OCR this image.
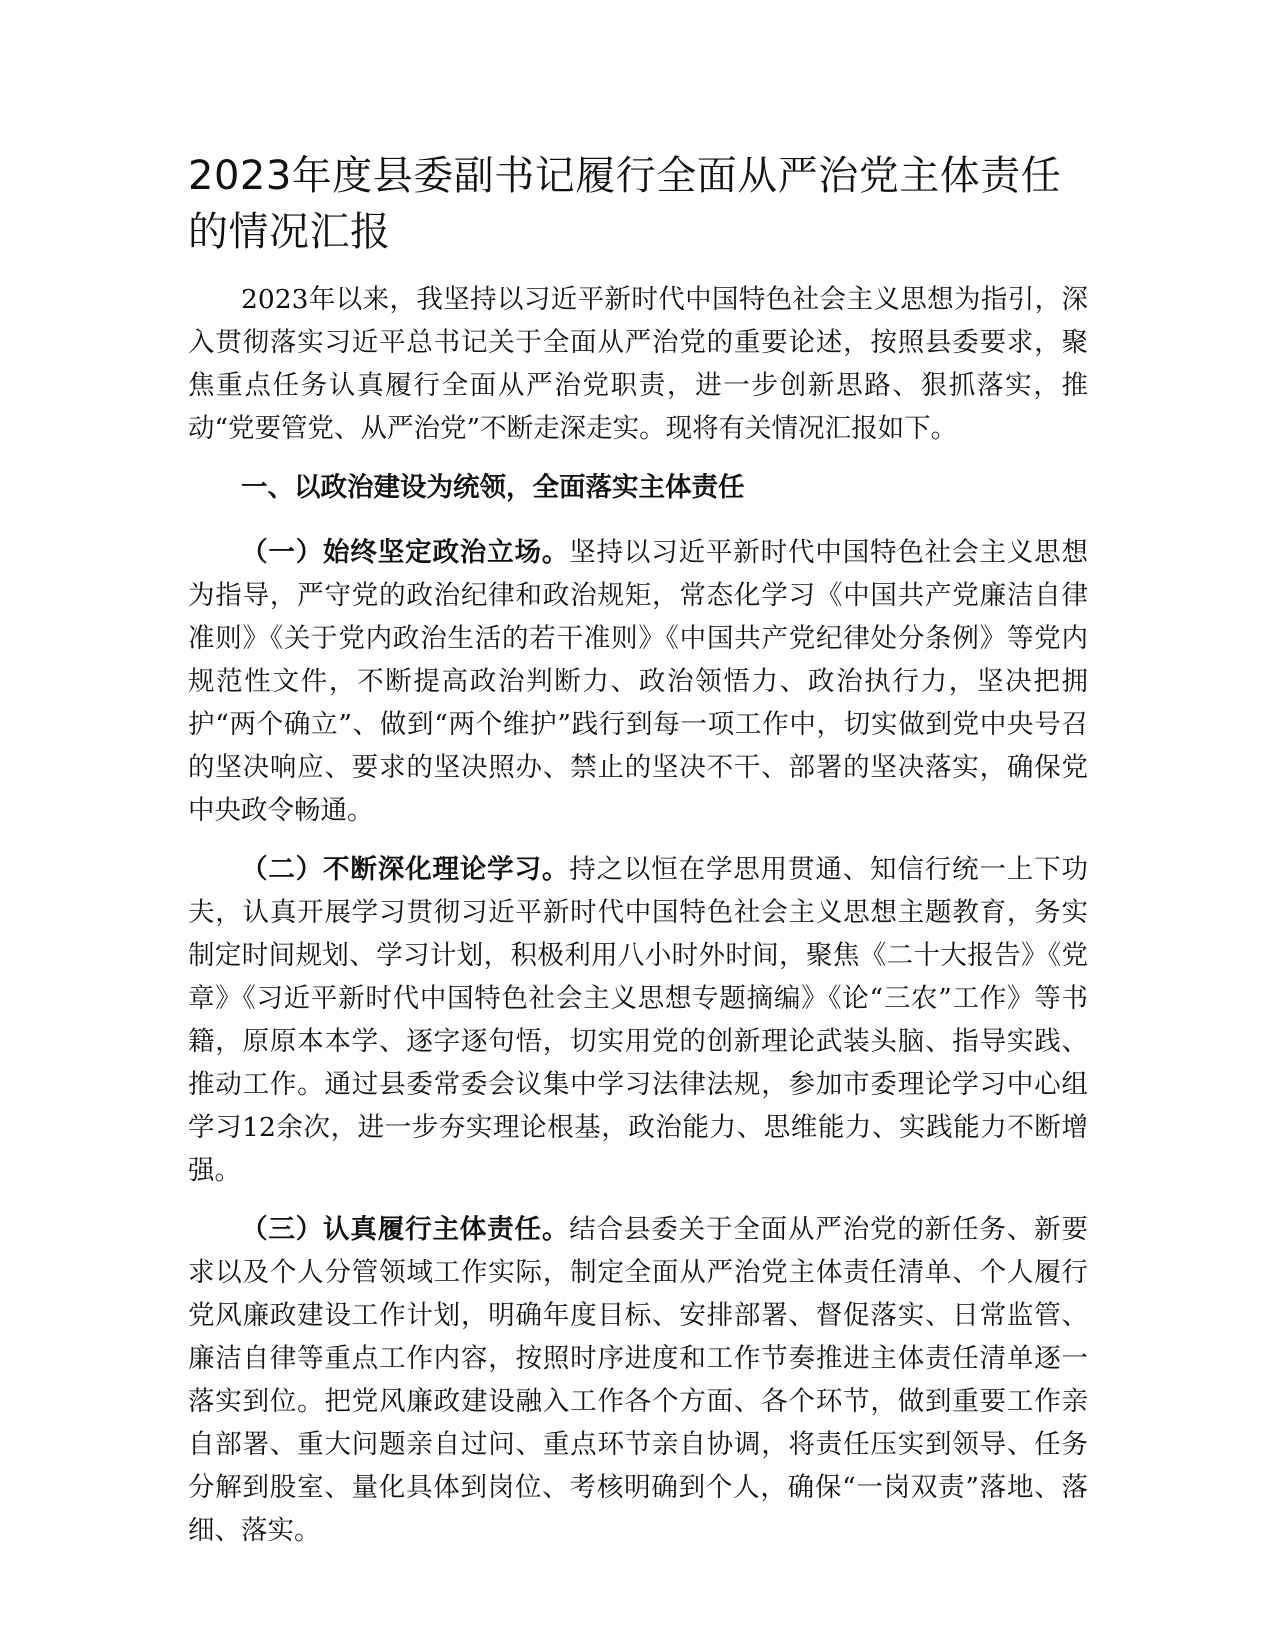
2023年度县委副书记履行全面从严治党主体责任的情况汇报

2023年以来，我坚持以习近平新时代中国特色社会主义思想为指引，深入贯彻落实习近平总书记关于全面从严治党的重要论述，按照县委要求，聚焦重点任务认真履行全面从严治党职责，进一步创新思路、狠抓落实，推动“党要管党、从严治党”不断走深走实。现将有关情况汇报如下。

一、以政治建设为统领，全面落实主体责任

（一）始终坚定政治立场。坚持以习近平新时代中国特色社会主义思想为指导，严守党的政治纪律和政治规矩，常态化学习《中国共产党廉洁自律准则》《关于党内政治生活的若干准则》《中国共产党纪律处分条例》等党内规范性文件，不断提高政治判断力、政治领悟力、政治执行力，坚决把拥护“两个确立”、做到“两个维护”践行到每一项工作中，切实做到党中央号召的坚决响应、要求的坚决照办、禁止的坚决不干、部署的坚决落实，确保党中央政令畅通。

（二）不断深化理论学习。持之以恒在学思用贯通、知信行统一上下功夫，认真开展学习贯彻习近平新时代中国特色社会主义思想主题教育，务实制定时间规划、学习计划，积极利用八小时外时间，聚焦《二十大报告》《党章》《习近平新时代中国特色社会主义思想专题摘编》《论“三农”工作》等书籍，原原本本学、逐字逐句悟，切实用党的创新理论武装头脑、指导实践、推动工作。通过县委常委会议集中学习法律法规，参加市委理论学习中心组学习12余次，进一步夯实理论根基，政治能力、思维能力、实践能力不断增强。

（三）认真履行主体责任。结合县委关于全面从严治党的新任务、新要求以及个人分管领域工作实际，制定全面从严治党主体责任清单、个人履行党风廉政建设工作计划，明确年度目标、安排部署、督促落实、日常监管、廉洁自律等重点工作内容，按照时序进度和工作节奏推进主体责任清单逐一落实到位。把党风廉政建设融入工作各个方面、各个环节，做到重要工作亲自部署、重大问题亲自过问、重点环节亲自协调，将责任压实到领导、任务分解到股室、量化具体到岗位、考核明确到个人，确保“一岗双责”落地、落细、落实。
